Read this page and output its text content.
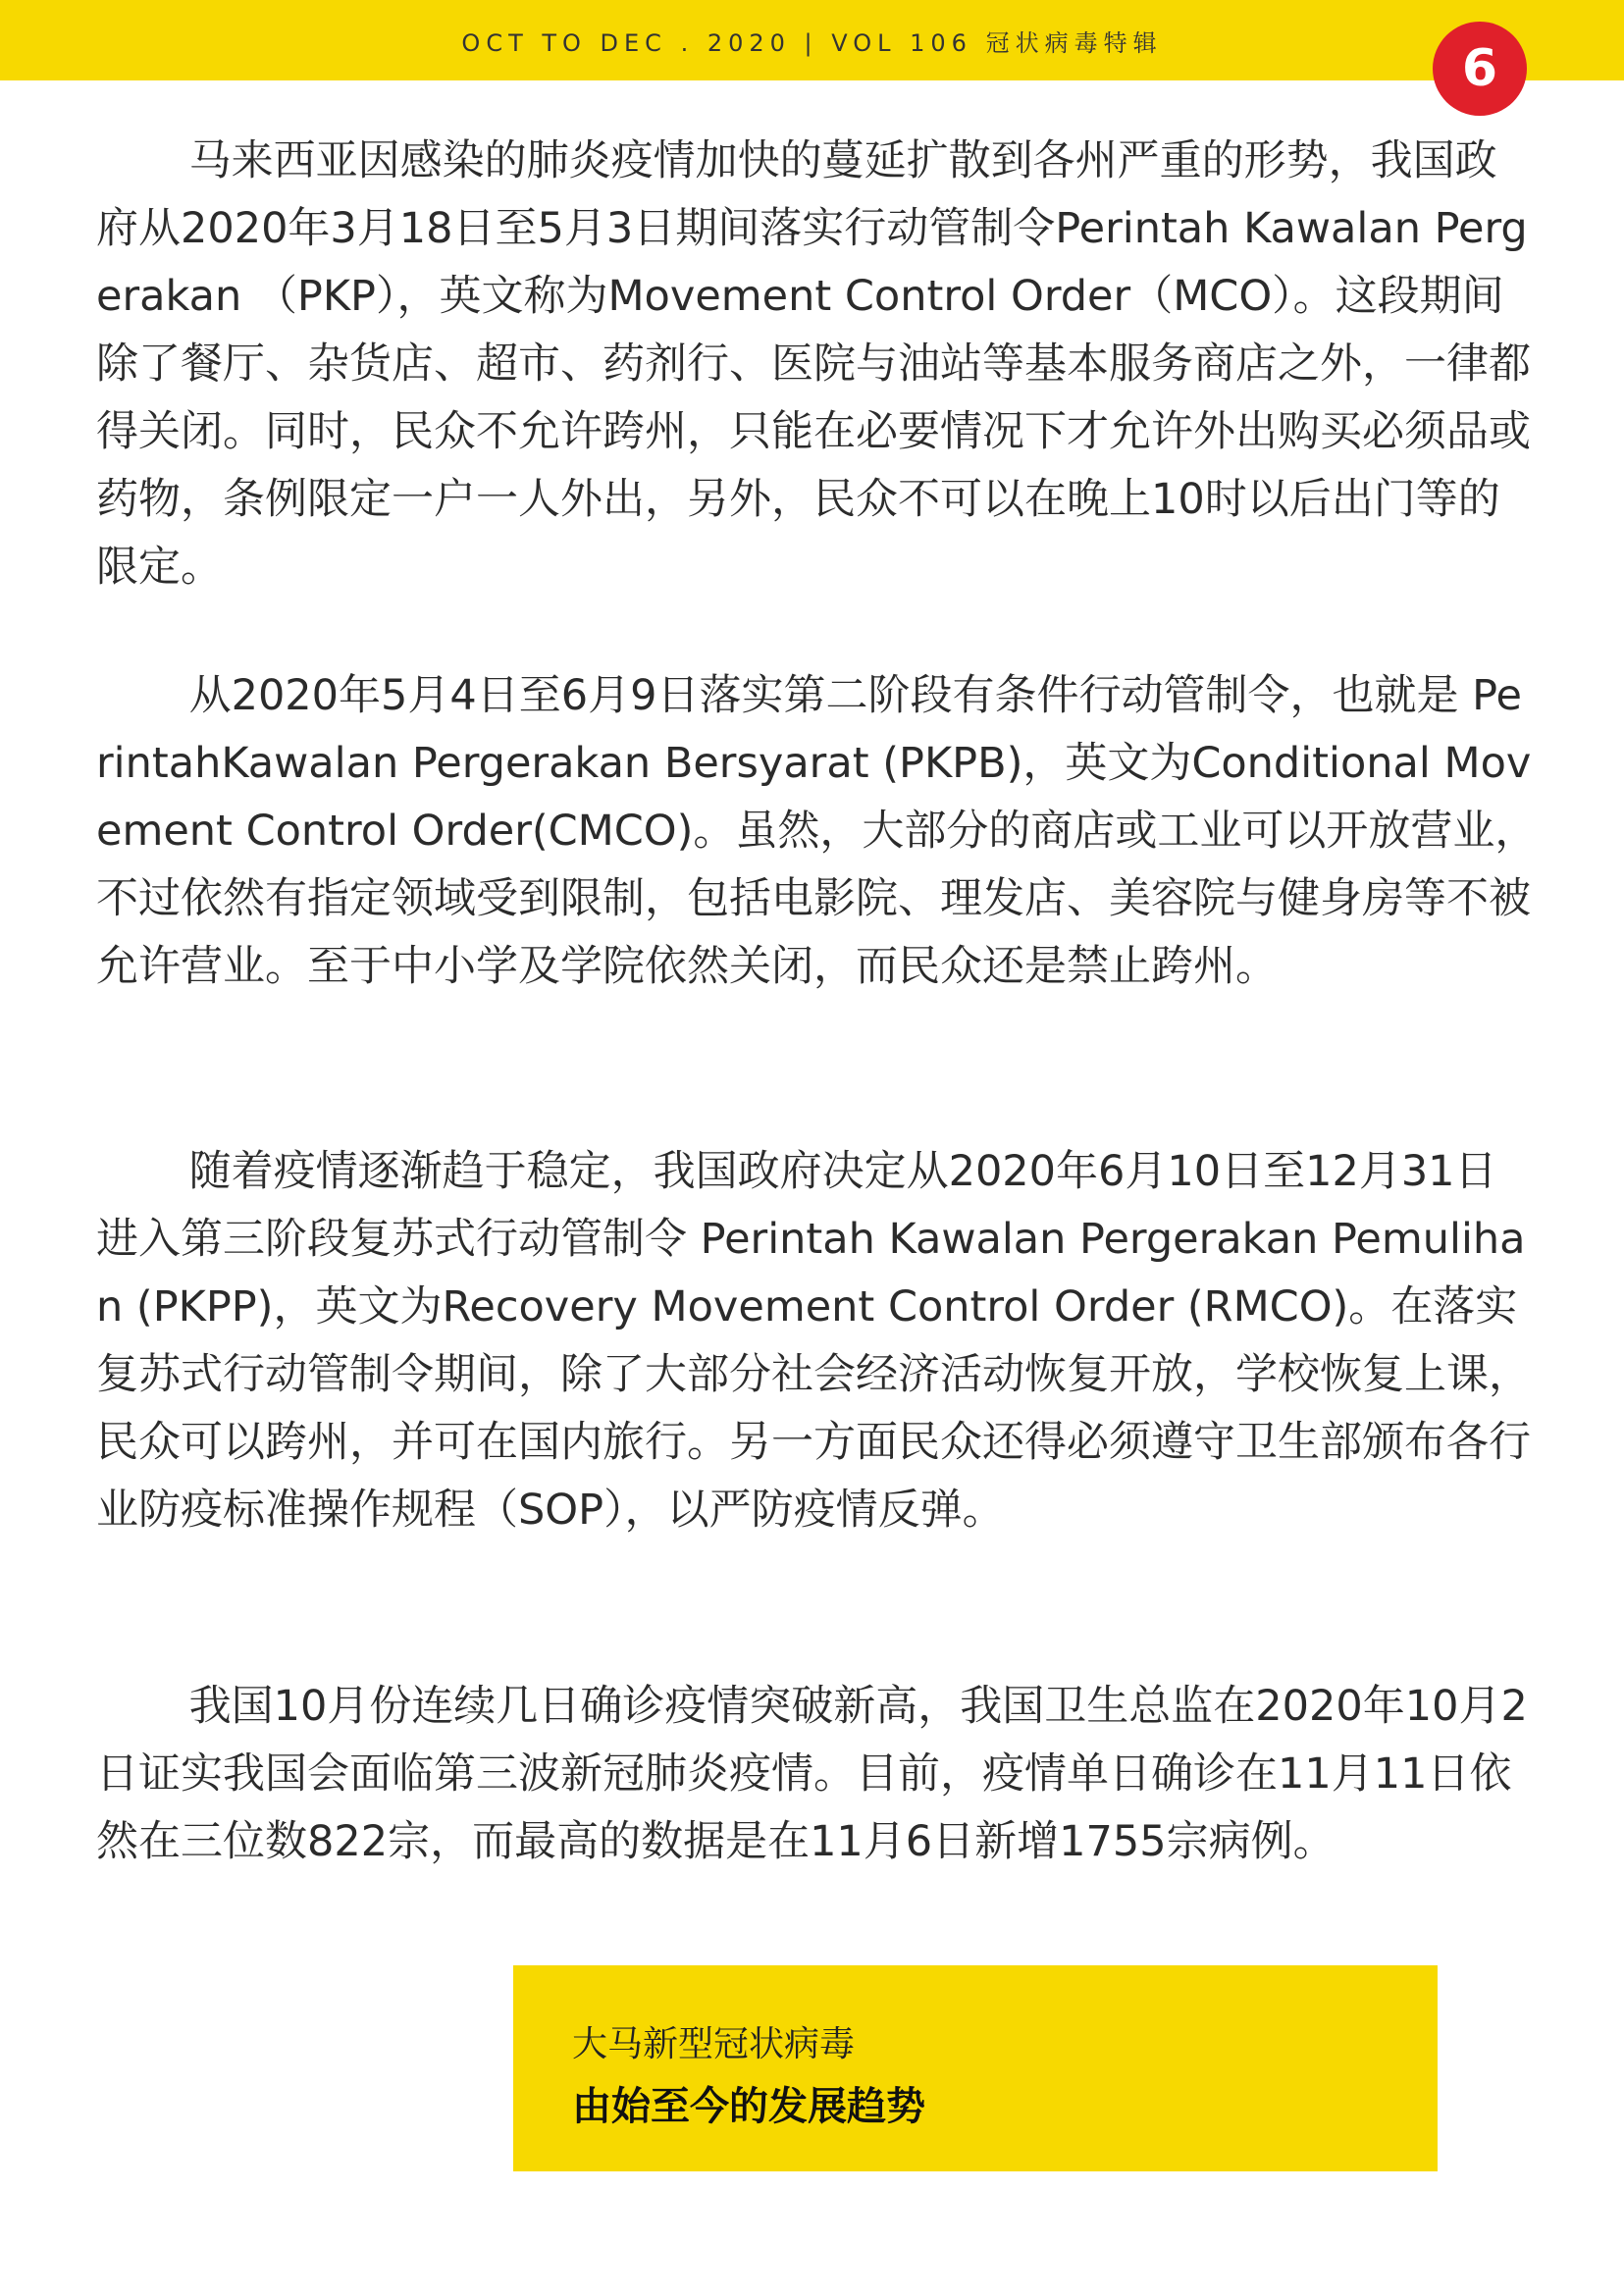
OCT TO DEC . 2020 | VOL 106 冠状病毒特辑	6

马来西亚因感染的肺炎疫情加快的蔓延扩散到各州严重的形势，我国政府从2020年3月18日至5月3日期间落实行动管制令Perintah Kawalan Pergerakan （PKP），英文称为Movement Control Order（MCO）。这段期间除了餐厅、杂货店、超市、药剂行、医院与油站等基本服务商店之外，一律都得关闭。同时，民众不允许跨州，只能在必要情况下才允许外出购买必须品或药物，条例限定一户一人外出，另外，民众不可以在晚上10时以后出门等的限定。

从2020年5月4日至6月9日落实第二阶段有条件行动管制令，也就是 PerintahKawalan Pergerakan Bersyarat (PKPB)，英文为Conditional Movement Control Order(CMCO)。虽然，大部分的商店或工业可以开放营业，不过依然有指定领域受到限制，包括电影院、理发店、美容院与健身房等不被允许营业。至于中小学及学院依然关闭，而民众还是禁止跨州。

随着疫情逐渐趋于稳定，我国政府决定从2020年6月10日至12月31日进入第三阶段复苏式行动管制令 Perintah Kawalan Pergerakan Pemulihan (PKPP)，英文为Recovery Movement Control Order (RMCO)。在落实复苏式行动管制令期间，除了大部分社会经济活动恢复开放，学校恢复上课，民众可以跨州，并可在国内旅行。另一方面民众还得必须遵守卫生部颁布各行业防疫标准操作规程（SOP），以严防疫情反弹。

我国10月份连续几日确诊疫情突破新高，我国卫生总监在2020年10月2日证实我国会面临第三波新冠肺炎疫情。目前，疫情单日确诊在11月11日依然在三位数822宗，而最高的数据是在11月6日新增1755宗病例。

大马新型冠状病毒
由始至今的发展趋势
